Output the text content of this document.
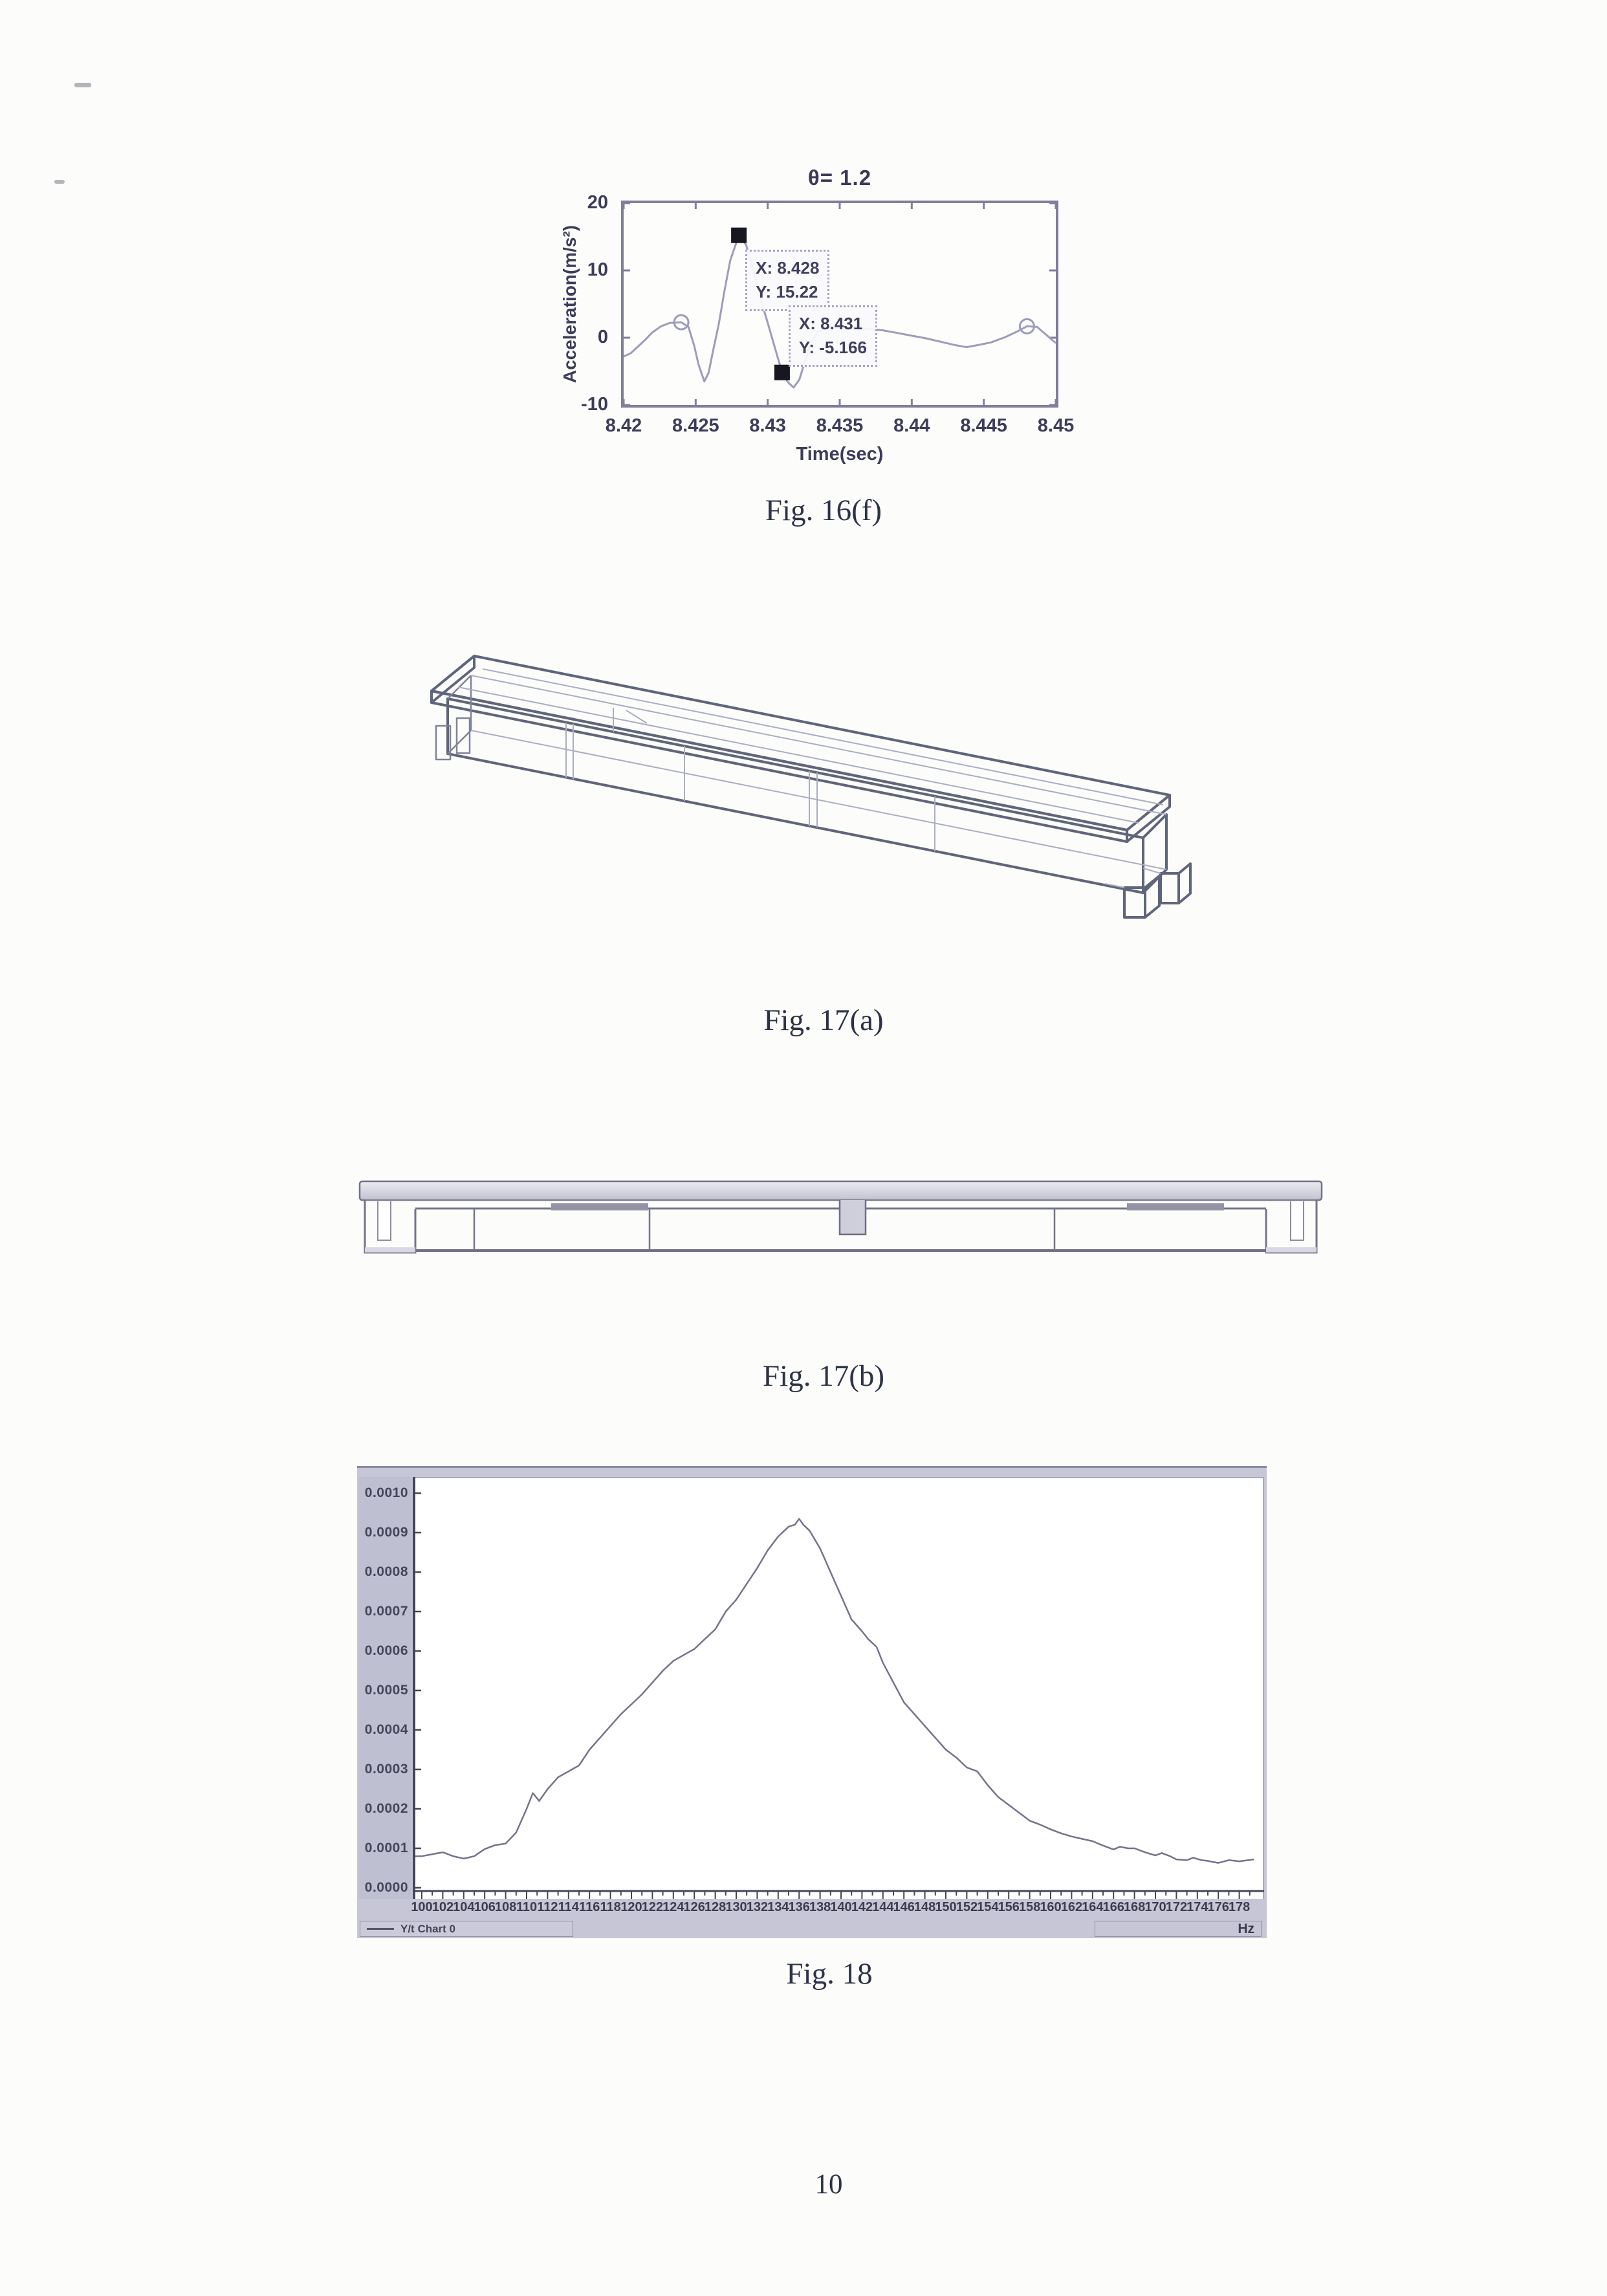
θ= 1.2
Acceleration(m/s²)
20
10
0
-10
8.42 8.425 8.43 8.435 8.44 8.445 8.45
X: 8.428
Y: 15.22
X: 8.431
Y: -5.166
Time(sec)
Fig. 16(f)
Fig. 17(a)
Fig. 17(b)
0.0010
0.0009
0.0008
0.0007
0.0006
0.0005
0.0004
0.0003
0.0002
0.0001
0.0000
100 102 104 106 108 110 112 114 116 118 120 122 124 126 128 130 132 134 136 138 140 142 144 146 148 150 152 154 156 158 160 162 164 166 168 170 172 174 176 178
Y/t Chart 0	Hz
Fig. 18
10
